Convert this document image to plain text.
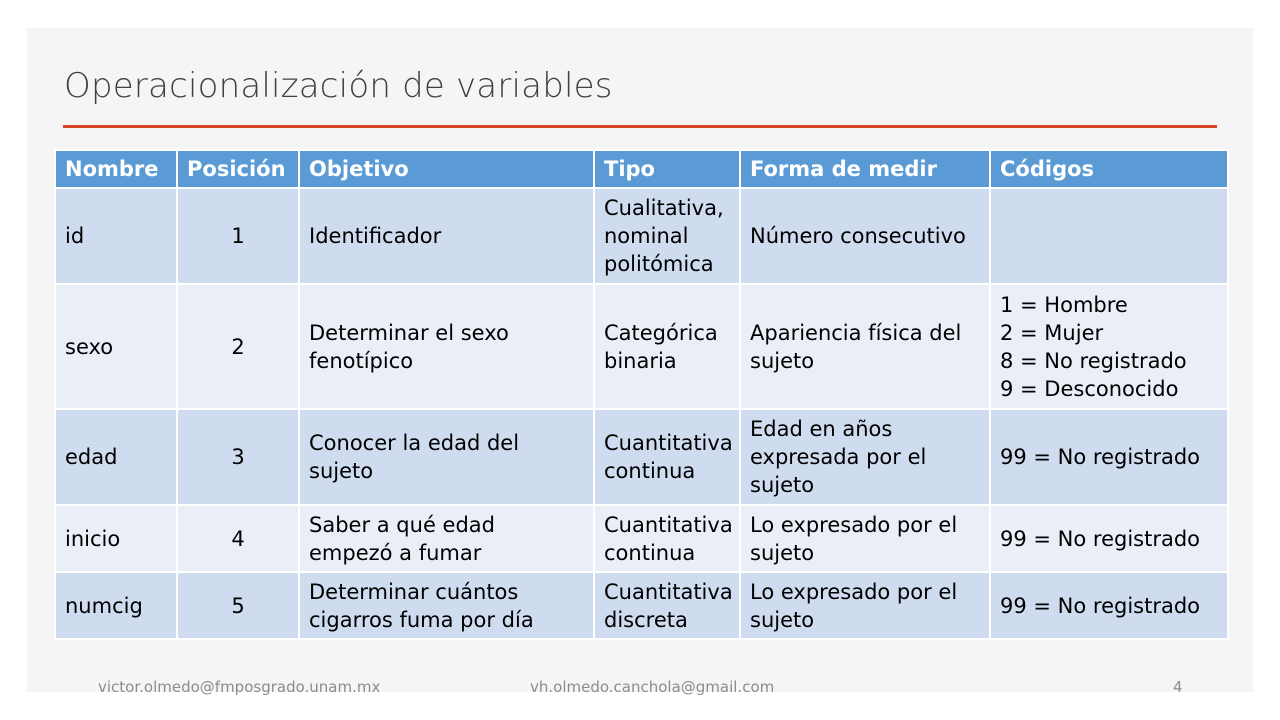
Operacionalización de variables
Nombre	Posición	Objetivo	Tipo	Forma de medir	Códigos
id	1	Identificador	Cualitativa, nominal politómica	Número consecutivo	
sexo	2	Determinar el sexo fenotípico	Categórica binaria	Apariencia física del sujeto	1 = Hombre
2 = Mujer
8 = No registrado
9 = Desconocido

edad	3	Conocer la edad del sujeto	Cuantitativa continua	Edad en años expresada por el sujeto	99 = No registrado

inicio	4	Saber a qué edad empezó a fumar	Cuantitativa continua	Lo expresado por el sujeto	99 = No registrado

numcig	5	Determinar cuántos cigarros fuma por día	Cuantitativa discreta	Lo expresado por el sujeto	99 = No registrado
victor.olmedo@fmposgrado.unam.mx	vh.olmedo.canchola@gmail.com	4
